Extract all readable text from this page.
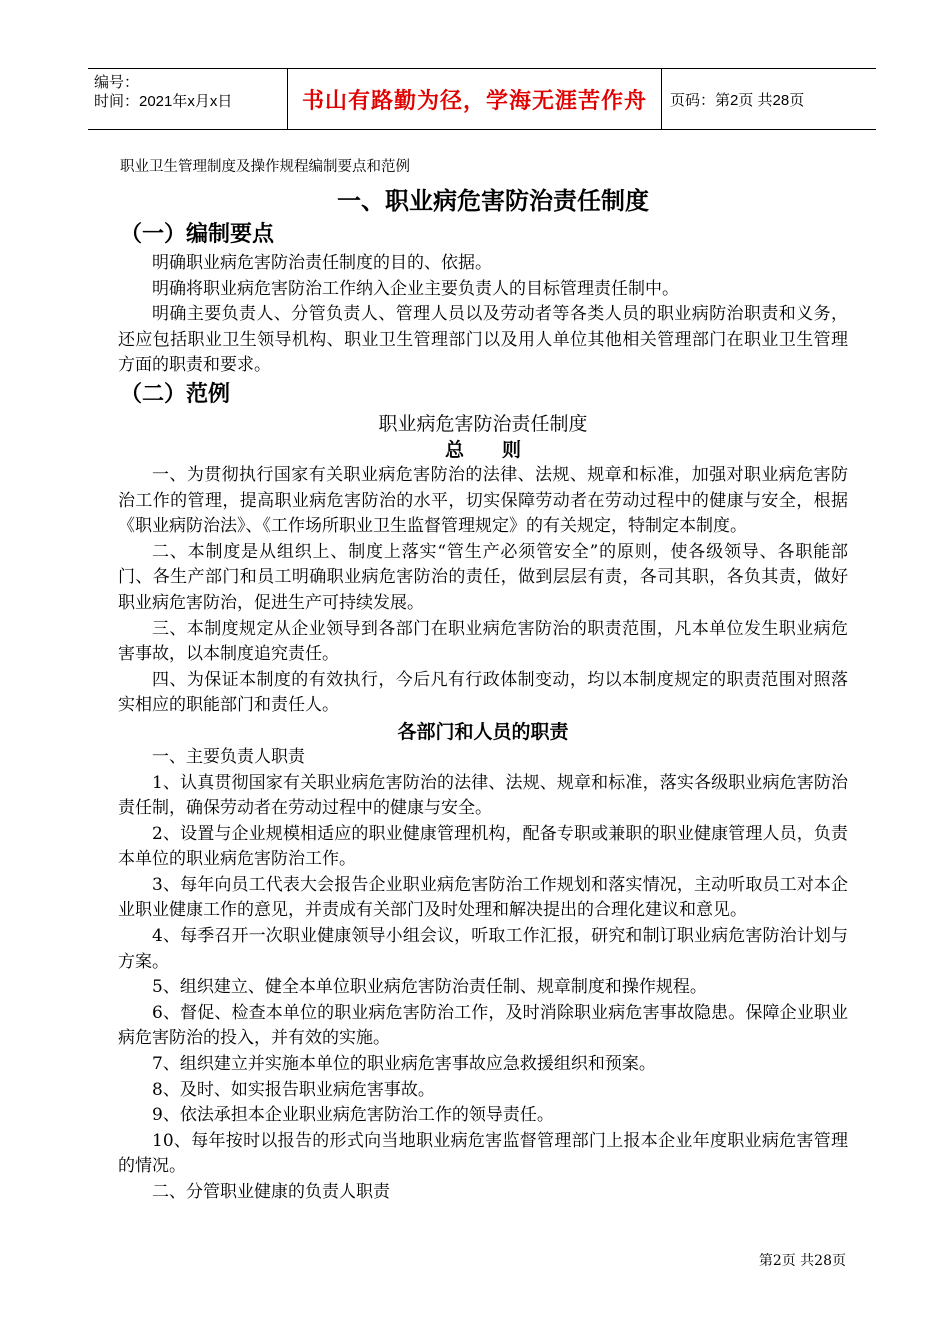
编号：
时间：2021年x月x日	书山有路勤为径，学海无涯苦作舟	页码：第2页 共28页
职业卫生管理制度及操作规程编制要点和范例
一、职业病危害防治责任制度
（一）编制要点

明确职业病危害防治责任制度的目的、依据。

明确将职业病危害防治工作纳入企业主要负责人的目标管理责任制中。

明确主要负责人、分管负责人、管理人员以及劳动者等各类人员的职业病防治职责和义务，还应包括职业卫生领导机构、职业卫生管理部门以及用人单位其他相关管理部门在职业卫生管理方面的职责和要求。

（二）范例
职业病危害防治责任制度
总　　则

一、为贯彻执行国家有关职业病危害防治的法律、法规、规章和标准，加强对职业病危害防治工作的管理，提高职业病危害防治的水平，切实保障劳动者在劳动过程中的健康与安全，根据《职业病防治法》、《工作场所职业卫生监督管理规定》的有关规定，特制定本制度。

二、本制度是从组织上、制度上落实“管生产必须管安全”的原则，使各级领导、各职能部门、各生产部门和员工明确职业病危害防治的责任，做到层层有责，各司其职，各负其责，做好职业病危害防治，促进生产可持续发展。

三、本制度规定从企业领导到各部门在职业病危害防治的职责范围，凡本单位发生职业病危害事故，以本制度追究责任。

四、为保证本制度的有效执行，今后凡有行政体制变动，均以本制度规定的职责范围对照落实相应的职能部门和责任人。

各部门和人员的职责

一、主要负责人职责

1、认真贯彻国家有关职业病危害防治的法律、法规、规章和标准，落实各级职业病危害防治责任制，确保劳动者在劳动过程中的健康与安全。

2、设置与企业规模相适应的职业健康管理机构，配备专职或兼职的职业健康管理人员，负责本单位的职业病危害防治工作。

3、每年向员工代表大会报告企业职业病危害防治工作规划和落实情况，主动听取员工对本企业职业健康工作的意见，并责成有关部门及时处理和解决提出的合理化建议和意见。

4、每季召开一次职业健康领导小组会议，听取工作汇报，研究和制订职业病危害防治计划与方案。

5、组织建立、健全本单位职业病危害防治责任制、规章制度和操作规程。

6、督促、检查本单位的职业病危害防治工作，及时消除职业病危害事故隐患。保障企业职业病危害防治的投入，并有效的实施。

7、组织建立并实施本单位的职业病危害事故应急救援组织和预案。

8、及时、如实报告职业病危害事故。

9、依法承担本企业职业病危害防治工作的领导责任。

10、每年按时以报告的形式向当地职业病危害监督管理部门上报本企业年度职业病危害管理的情况。

二、分管职业健康的负责人职责

第2页 共28页
